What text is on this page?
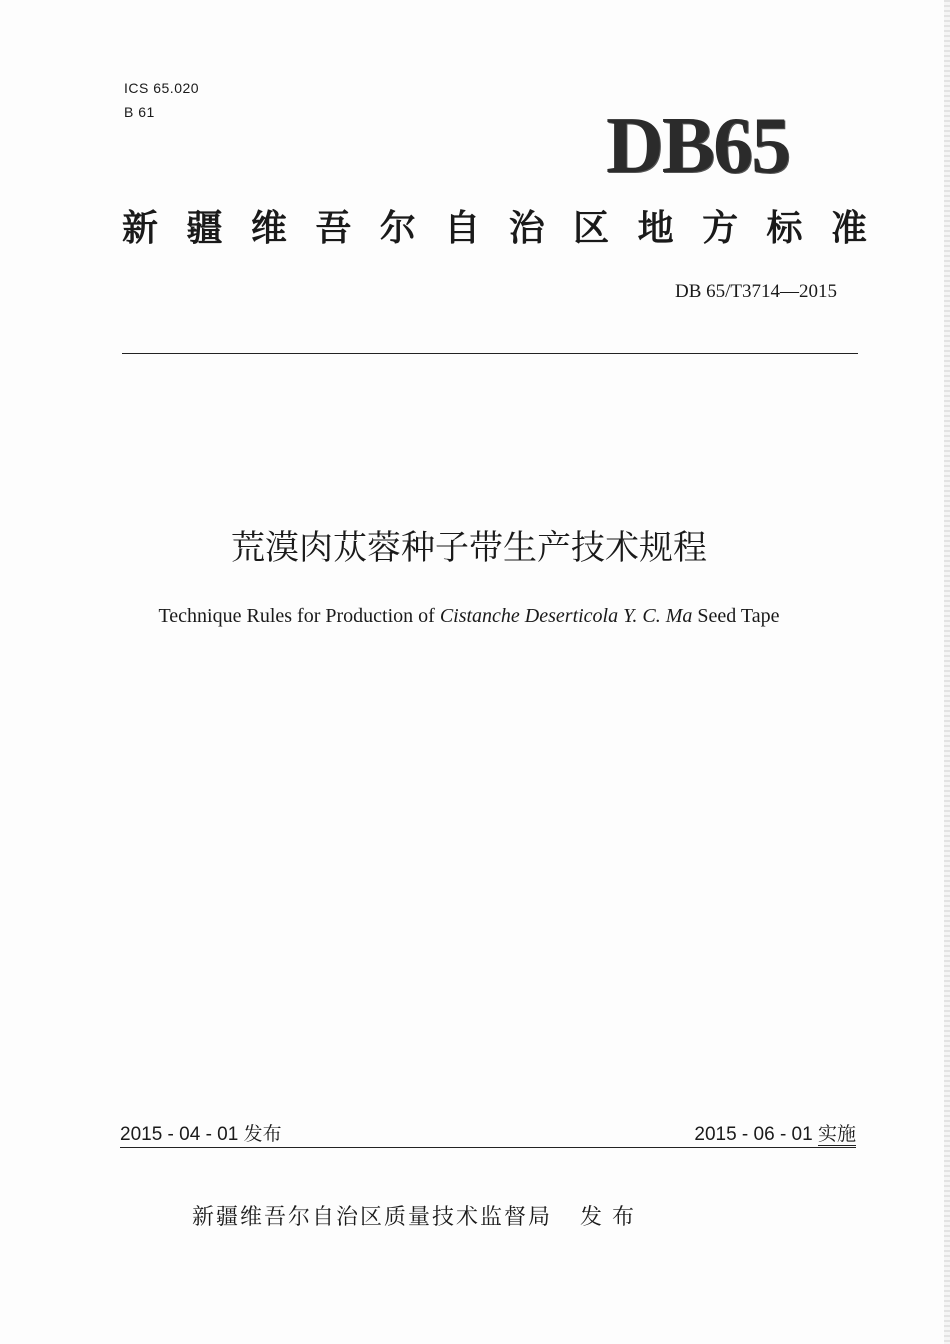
ICS 65.020
B 61	DB65
新 疆 维 吾 尔 自 治 区 地 方 标 准
DB 65/T3714—2015
荒漠肉苁蓉种子带生产技术规程
Technique Rules for Production of Cistanche Deserticola Y. C. Ma Seed Tape
2015 - 04 - 01 发布	2015 - 06 - 01 实施
新疆维吾尔自治区质量技术监督局 发布
